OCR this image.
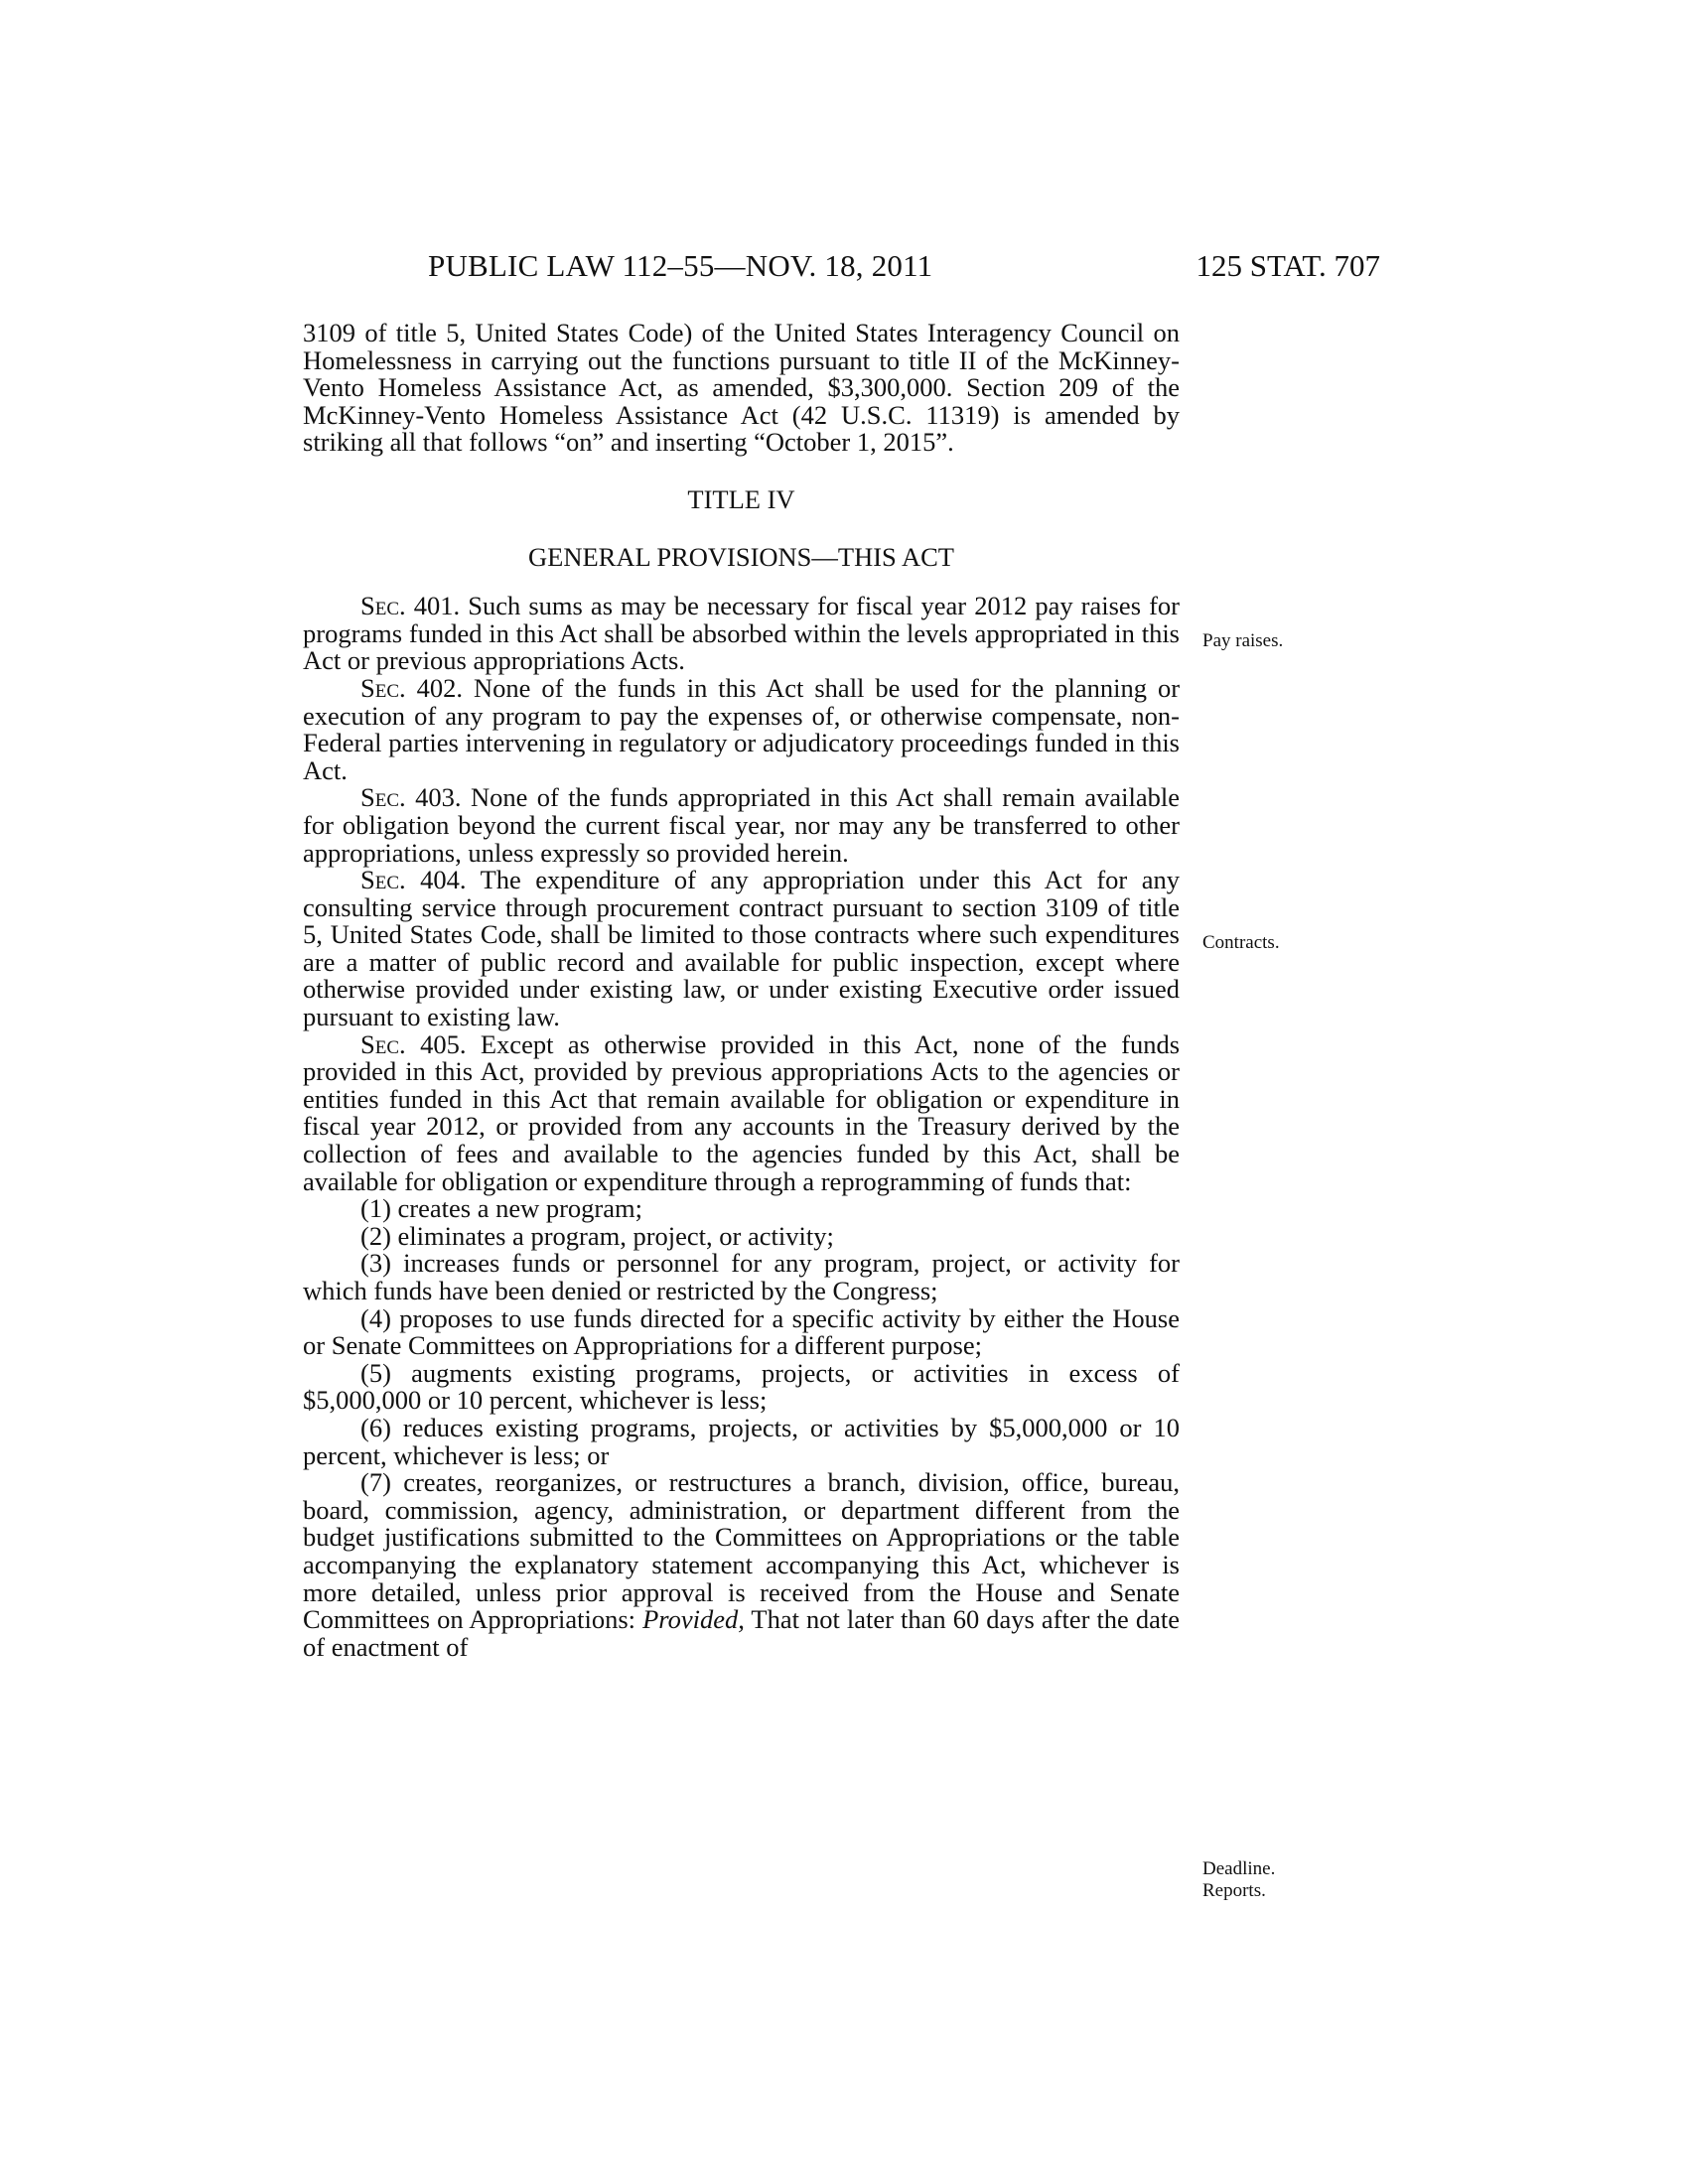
PUBLIC LAW 112–55—NOV. 18, 2011	125 STAT. 707

3109 of title 5, United States Code) of the United States Interagency Council on Homelessness in carrying out the functions pursuant to title II of the McKinney-Vento Homeless Assistance Act, as amended, $3,300,000. Section 209 of the McKinney-Vento Homeless Assistance Act (42 U.S.C. 11319) is amended by striking all that follows “on” and inserting “October 1, 2015”.

TITLE IV

GENERAL PROVISIONS—THIS ACT

Sec. 401. Such sums as may be necessary for fiscal year 2012 pay raises for programs funded in this Act shall be absorbed within the levels appropriated in this Act or previous appropriations Acts.

Sec. 402. None of the funds in this Act shall be used for the planning or execution of any program to pay the expenses of, or otherwise compensate, non-Federal parties intervening in regulatory or adjudicatory proceedings funded in this Act.

Sec. 403. None of the funds appropriated in this Act shall remain available for obligation beyond the current fiscal year, nor may any be transferred to other appropriations, unless expressly so provided herein.

Sec. 404. The expenditure of any appropriation under this Act for any consulting service through procurement contract pursuant to section 3109 of title 5, United States Code, shall be limited to those contracts where such expenditures are a matter of public record and available for public inspection, except where otherwise provided under existing law, or under existing Executive order issued pursuant to existing law.

Sec. 405. Except as otherwise provided in this Act, none of the funds provided in this Act, provided by previous appropriations Acts to the agencies or entities funded in this Act that remain available for obligation or expenditure in fiscal year 2012, or provided from any accounts in the Treasury derived by the collection of fees and available to the agencies funded by this Act, shall be available for obligation or expenditure through a reprogramming of funds that:

(1) creates a new program;

(2) eliminates a program, project, or activity;

(3) increases funds or personnel for any program, project, or activity for which funds have been denied or restricted by the Congress;

(4) proposes to use funds directed for a specific activity by either the House or Senate Committees on Appropriations for a different purpose;

(5) augments existing programs, projects, or activities in excess of $5,000,000 or 10 percent, whichever is less;

(6) reduces existing programs, projects, or activities by $5,000,000 or 10 percent, whichever is less; or

(7) creates, reorganizes, or restructures a branch, division, office, bureau, board, commission, agency, administration, or department different from the budget justifications submitted to the Committees on Appropriations or the table accompanying the explanatory statement accompanying this Act, whichever is more detailed, unless prior approval is received from the House and Senate Committees on Appropriations: Provided, That not later than 60 days after the date of enactment of

Pay raises.
Contracts.
Deadline.
Reports.
